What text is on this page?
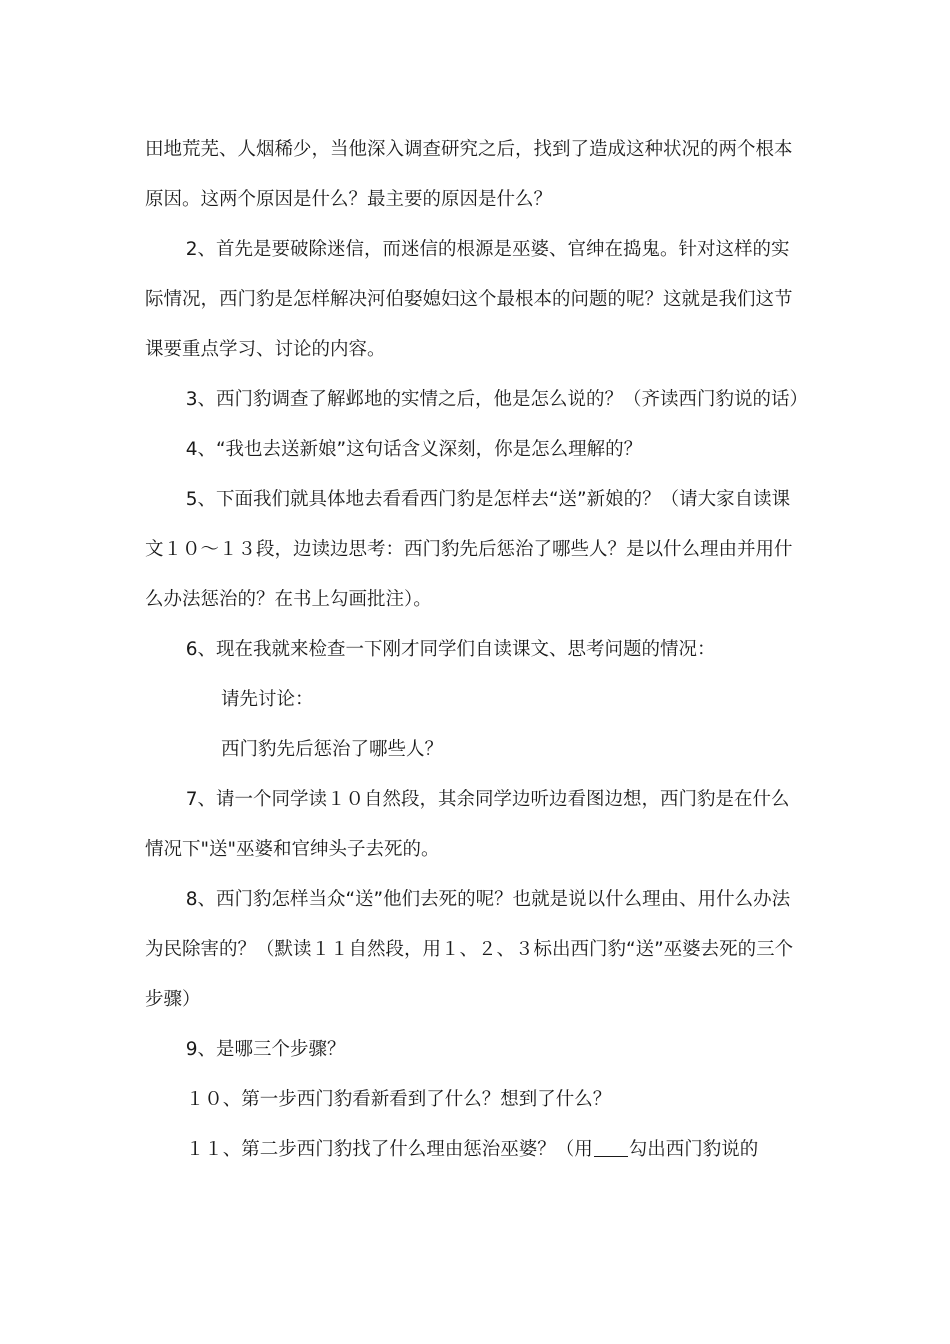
田地荒芜、人烟稀少，当他深入调查研究之后，找到了造成这种状况的两个根本原因。这两个原因是什么？最主要的原因是什么？

2、首先是要破除迷信，而迷信的根源是巫婆、官绅在捣鬼。针对这样的实际情况，西门豹是怎样解决河伯娶媳妇这个最根本的问题的呢？这就是我们这节课要重点学习、讨论的内容。

3、西门豹调查了解邺地的实情之后，他是怎么说的？（齐读西门豹说的话）

4、“我也去送新娘”这句话含义深刻，你是怎么理解的？

5、下面我们就具体地去看看西门豹是怎样去“送”新娘的？（请大家自读课文１０～１３段，边读边思考：西门豹先后惩治了哪些人？是以什么理由并用什么办法惩治的？在书上勾画批注）。

6、现在我就来检查一下刚才同学们自读课文、思考问题的情况：

请先讨论：

西门豹先后惩治了哪些人？

7、请一个同学读１０自然段，其余同学边听边看图边想，西门豹是在什么情况下"送"巫婆和官绅头子去死的。

8、西门豹怎样当众“送”他们去死的呢？也就是说以什么理由、用什么办法为民除害的？（默读１１自然段，用１、２、３标出西门豹“送”巫婆去死的三个步骤）

9、是哪三个步骤？

１０、第一步西门豹看新看到了什么？想到了什么？

１１、第二步西门豹找了什么理由惩治巫婆？（用 勾出西门豹说的
